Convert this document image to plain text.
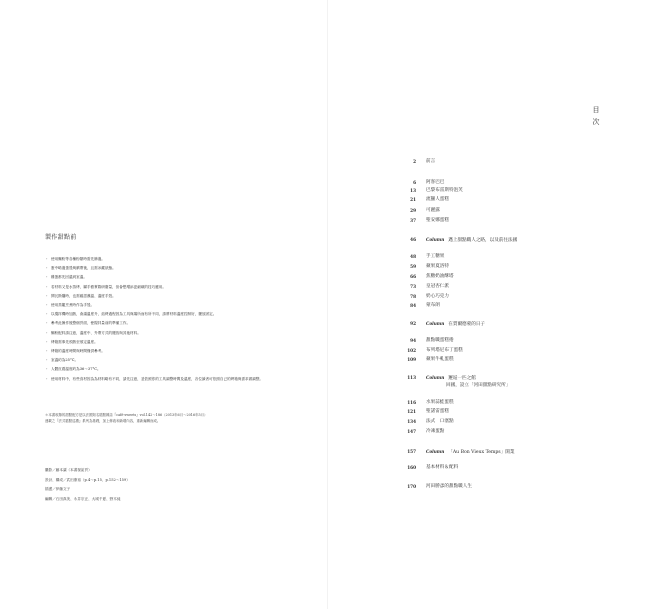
製作甜點前
・ 使用麵粉等各種粉類時需先篩過。
・ 蛋中略過蛋殼與臍帶後，且需冰藏狀態。
・ 雞蛋都先回溫到室溫。
・ 若材料又是水蒸烤，屬手藝實際研磨量，但會想增添更細緻的技巧應用。
・ 開瓦斯爐時，也需確認濕溫、溫度手殼。
・ 使用蒸籠烹煮時作為手殼。
・ 以攪拌機時加熱，會讓溫度升，焙烤過程因為工具與場所而有所不同，請將材料溫度控制好，擺放固定。
・ 參考此操作後整個頁面，使攪拌量前的準備工作。
・ 麵粉配料請注意，溫度中、外帶方式的擺放與其他材料。
・ 烤箱需事先預熱至預定溫度。
・ 烤箱的溫度時間與時間僅供參考。
・ 室溫約為25°C。
・ 人體皮膚溫度約為36～37°C。
・ 使用材料中，有些食材因為為材料略有不同，請先注意，並依照你的工具調整時間及溫度，各位讀者可依照自己的烤箱與需求做調整。
＊本書收錄的甜點配方是以法國知名糕點雜誌『café-sweets』vol.142～186（2013年6月～2016年5月）
連載之『法式糕點巡禮』系列為基礎，加上修改和新增內容，重新編輯而成。
攝影／藤本讓（本書採訪頁）
設計、構成／武田康裕（p.4〜p.15、p.152〜159）
插畫／伊藤文子
編輯／石田真美、永井宗正、大城千夏、野木純
目次
2 前言
6 阿客巴巴
13 巴黎布雷斯特泡芙
21 流獵人蛋糕
29 可麗露
37 聖安娜蛋糕
46 Column 邁上甜點職人之路，以及前往法國
48 手工糖果
59 蘋果夏洛特
66 焦糖奶油酥塔
73 皇冠杏仁派
78 奶心巧克力
84 蒙布朗
92 Column 在賈爾德蒙的日子
94 甜點職蛋糕捲
102 布列塔尼布丁蛋糕
109 蘋果牛軋蛋糕
113 Column 邂逅一匹之館
回國，設立「河田甜點研究所」
116 水果蒜蛙蛋糕
121 聖諾雷蛋糕
134 法式　口塞點
147 冷凍蛋點
157 Column 「Au Bon Vieux Temps」開業
160 基本材料＆配料
170 河田勝彥的甜點職人生
